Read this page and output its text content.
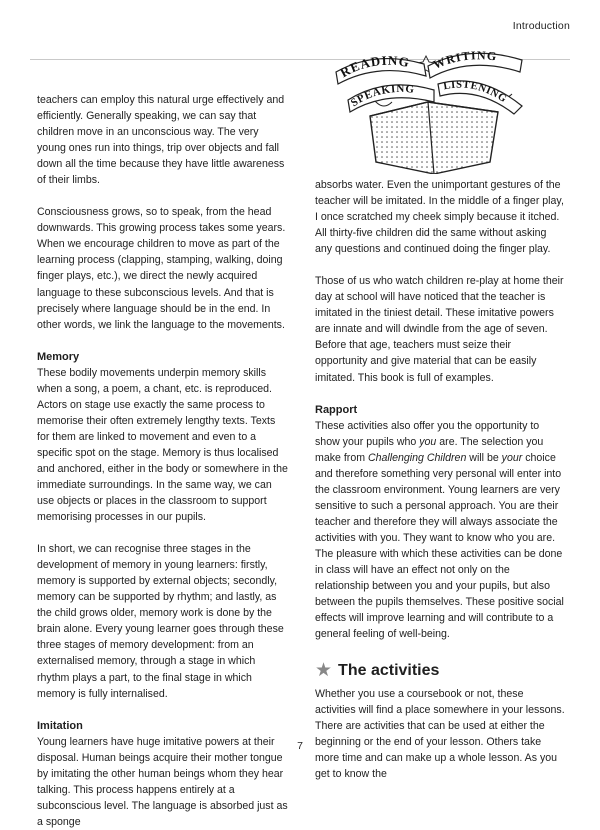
Introduction
READING WRITING
SPEAKING	LISTENING

teachers can employ this natural urge effectively and efficiently. Generally speaking, we can say that children move in an unconscious way. The very young ones run into things, trip over objects and fall down all the time because they have little awareness of their limbs.

Consciousness grows, so to speak, from the head downwards. This growing process takes some years. When we encourage children to move as part of the learning process (clapping, stamping, walking, doing finger plays, etc.), we direct the newly acquired language to these subconscious levels. And that is precisely where language should be in the end. In other words, we link the language to the movements.

Memory

These bodily movements underpin memory skills when a song, a poem, a chant, etc. is reproduced. Actors on stage use exactly the same process to memorise their often extremely lengthy texts. Texts for them are linked to movement and even to a specific spot on the stage. Memory is thus localised and anchored, either in the body or somewhere in the immediate surroundings. In the same way, we can use objects or places in the classroom to support memorising processes in our pupils.

In short, we can recognise three stages in the development of memory in young learners: firstly, memory is supported by external objects; secondly, memory can be supported by rhythm; and lastly, as the child grows older, memory work is done by the brain alone. Every young learner goes through these three stages of memory development: from an externalised memory, through a stage in which rhythm plays a part, to the final stage in which memory is fully internalised.

Imitation

Young learners have huge imitative powers at their disposal. Human beings acquire their mother tongue by imitating the other human beings whom they hear talking. This process happens entirely at a subconscious level. The language is absorbed just as a sponge

absorbs water. Even the unimportant gestures of the teacher will be imitated. In the middle of a finger play, I once scratched my cheek simply because it itched. All thirty-five children did the same without asking any questions and continued doing the finger play.

Those of us who watch children re-play at home their day at school will have noticed that the teacher is imitated in the tiniest detail. These imitative powers are innate and will dwindle from the age of seven. Before that age, teachers must seize their opportunity and give material that can be easily imitated. This book is full of examples.

Rapport

These activities also offer you the opportunity to show your pupils who you are. The selection you make from Challenging Children will be your choice and therefore something very personal will enter into the classroom environment. Young learners are very sensitive to such a personal approach. You are their teacher and therefore they will always associate the activities with you. They want to know who you are. The pleasure with which these activities can be done in class will have an effect not only on the relationship between you and your pupils, but also between the pupils themselves. These positive social effects will improve learning and will contribute to a general feeling of well-being.

★ The activities

Whether you use a coursebook or not, these activities will find a place somewhere in your lessons. There are activities that can be used at either the beginning or the end of your lesson. Others take more time and can make up a whole lesson. As you get to know the

7
